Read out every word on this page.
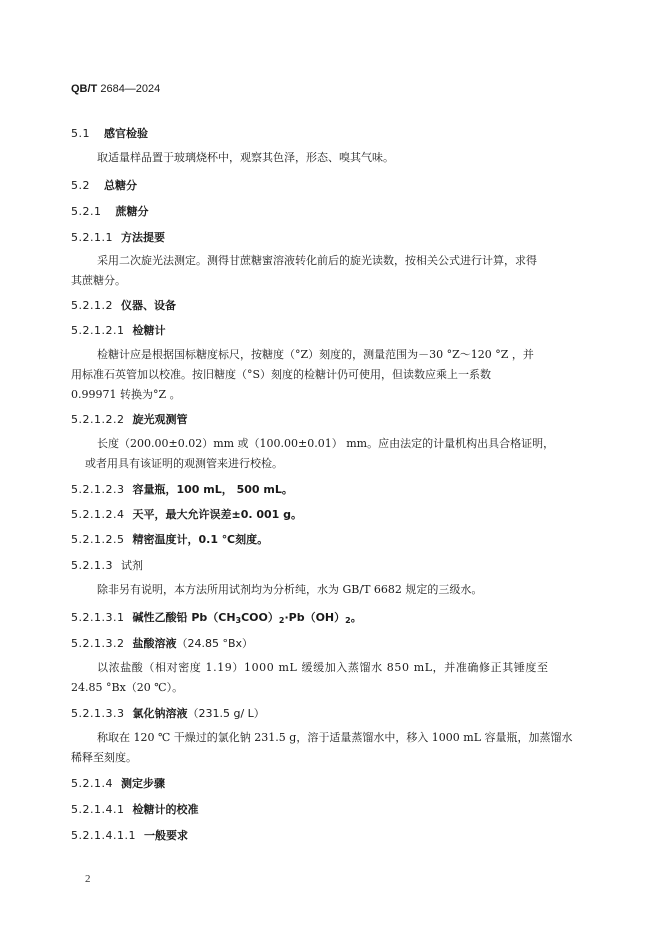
QB/T 2684—2024
5.1 感官检验

取适量样品置于玻璃烧杯中，观察其色泽，形态、嗅其气味。

5.2 总糖分
5.2.1 蔗糖分
5.2.1.1 方法提要

采用二次旋光法测定。测得甘蔗糖蜜溶液转化前后的旋光读数，按相关公式进行计算，求得

其蔗糖分。

5.2.1.2 仪器、设备
5.2.1.2.1 检糖计

检糖计应是根据国标糖度标尺，按糖度（°Z）刻度的，测量范围为－30 °Z～120 °Z ，并

用标准石英管加以校准。按旧糖度（°S）刻度的检糖计仍可使用，但读数应乘上一系数

0.99971 转换为°Z 。

5.2.1.2.2 旋光观测管

长度（200.00±0.02）mm 或（100.00±0.01） mm。应由法定的计量机构出具合格证明，

或者用具有该证明的观测管来进行校检。

5.2.1.2.3 容量瓶，100 mL， 500 mL。
5.2.1.2.4 天平，最大允许误差±0. 001 g。
5.2.1.2.5 精密温度计，0.1 ℃刻度。
5.2.1.3 试剂

除非另有说明，本方法所用试剂均为分析纯，水为 GB/T 6682 规定的三级水。

5.2.1.3.1 碱性乙酸铅 $Pb(CH_3COO)_2\cdot Pb(OH)_2$。
5.2.1.3.2 盐酸溶液（24.85 °Bx）

以浓盐酸（相对密度 1.19）1000 mL 缓缓加入蒸馏水 850 mL，并准确修正其锤度至

24.85 °Bx（20 ℃）。

5.2.1.3.3 氯化钠溶液（231.5 g/ L）

称取在 120 ℃ 干燥过的氯化钠 231.5 g，溶于适量蒸馏水中，移入 1000 mL 容量瓶，加蒸馏水

稀释至刻度。

5.2.1.4 测定步骤
5.2.1.4.1 检糖计的校准
5.2.1.4.1.1 一般要求
2
